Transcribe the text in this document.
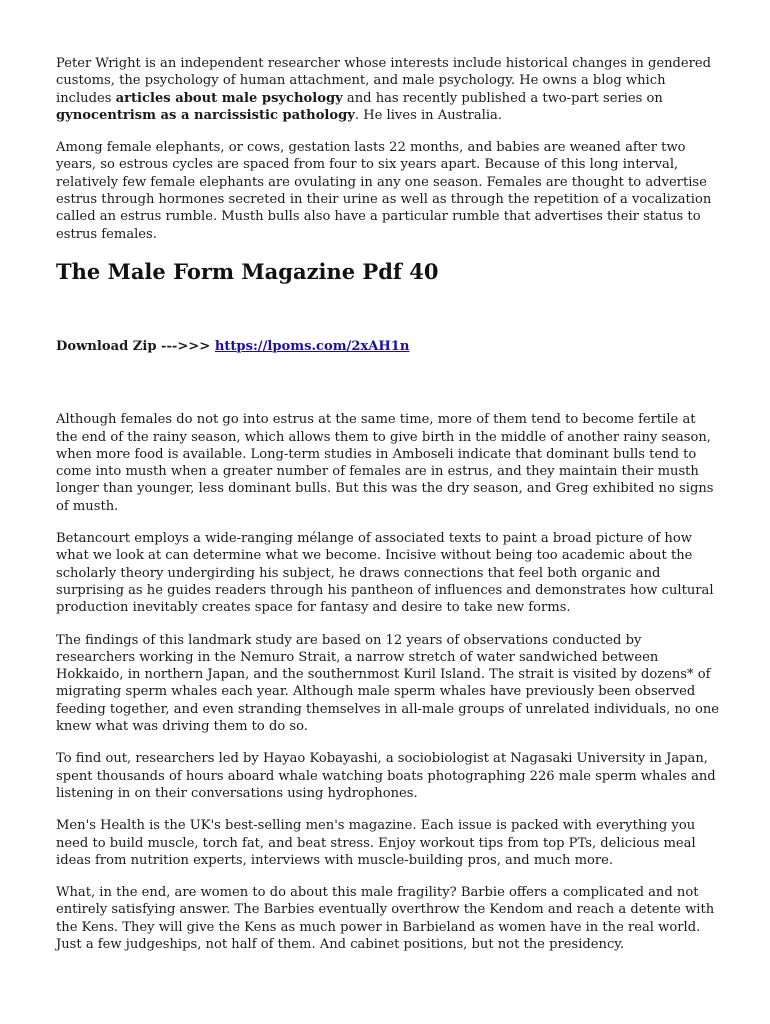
Peter Wright is an independent researcher whose interests include historical changes in gendered customs, the psychology of human attachment, and male psychology. He owns a blog which includes articles about male psychology and has recently published a two-part series on gynocentrism as a narcissistic pathology. He lives in Australia.

Among female elephants, or cows, gestation lasts 22 months, and babies are weaned after two years, so estrous cycles are spaced from four to six years apart. Because of this long interval, relatively few female elephants are ovulating in any one season. Females are thought to advertise estrus through hormones secreted in their urine as well as through the repetition of a vocalization called an estrus rumble. Musth bulls also have a particular rumble that advertises their status to estrus females.

The Male Form Magazine Pdf 40

Download Zip --->>> https://lpoms.com/2xAH1n

Although females do not go into estrus at the same time, more of them tend to become fertile at the end of the rainy season, which allows them to give birth in the middle of another rainy season, when more food is available. Long-term studies in Amboseli indicate that dominant bulls tend to come into musth when a greater number of females are in estrus, and they maintain their musth longer than younger, less dominant bulls. But this was the dry season, and Greg exhibited no signs of musth.

Betancourt employs a wide-ranging mélange of associated texts to paint a broad picture of how what we look at can determine what we become. Incisive without being too academic about the scholarly theory undergirding his subject, he draws connections that feel both organic and surprising as he guides readers through his pantheon of influences and demonstrates how cultural production inevitably creates space for fantasy and desire to take new forms.

The findings of this landmark study are based on 12 years of observations conducted by researchers working in the Nemuro Strait, a narrow stretch of water sandwiched between Hokkaido, in northern Japan, and the southernmost Kuril Island. The strait is visited by dozens* of migrating sperm whales each year. Although male sperm whales have previously been observed feeding together, and even stranding themselves in all-male groups of unrelated individuals, no one knew what was driving them to do so.

To find out, researchers led by Hayao Kobayashi, a sociobiologist at Nagasaki University in Japan, spent thousands of hours aboard whale watching boats photographing 226 male sperm whales and listening in on their conversations using hydrophones.

Men's Health is the UK's best-selling men's magazine. Each issue is packed with everything you need to build muscle, torch fat, and beat stress. Enjoy workout tips from top PTs, delicious meal ideas from nutrition experts, interviews with muscle-building pros, and much more.

What, in the end, are women to do about this male fragility? Barbie offers a complicated and not entirely satisfying answer. The Barbies eventually overthrow the Kendom and reach a detente with the Kens. They will give the Kens as much power in Barbieland as women have in the real world. Just a few judgeships, not half of them. And cabinet positions, but not the presidency.
